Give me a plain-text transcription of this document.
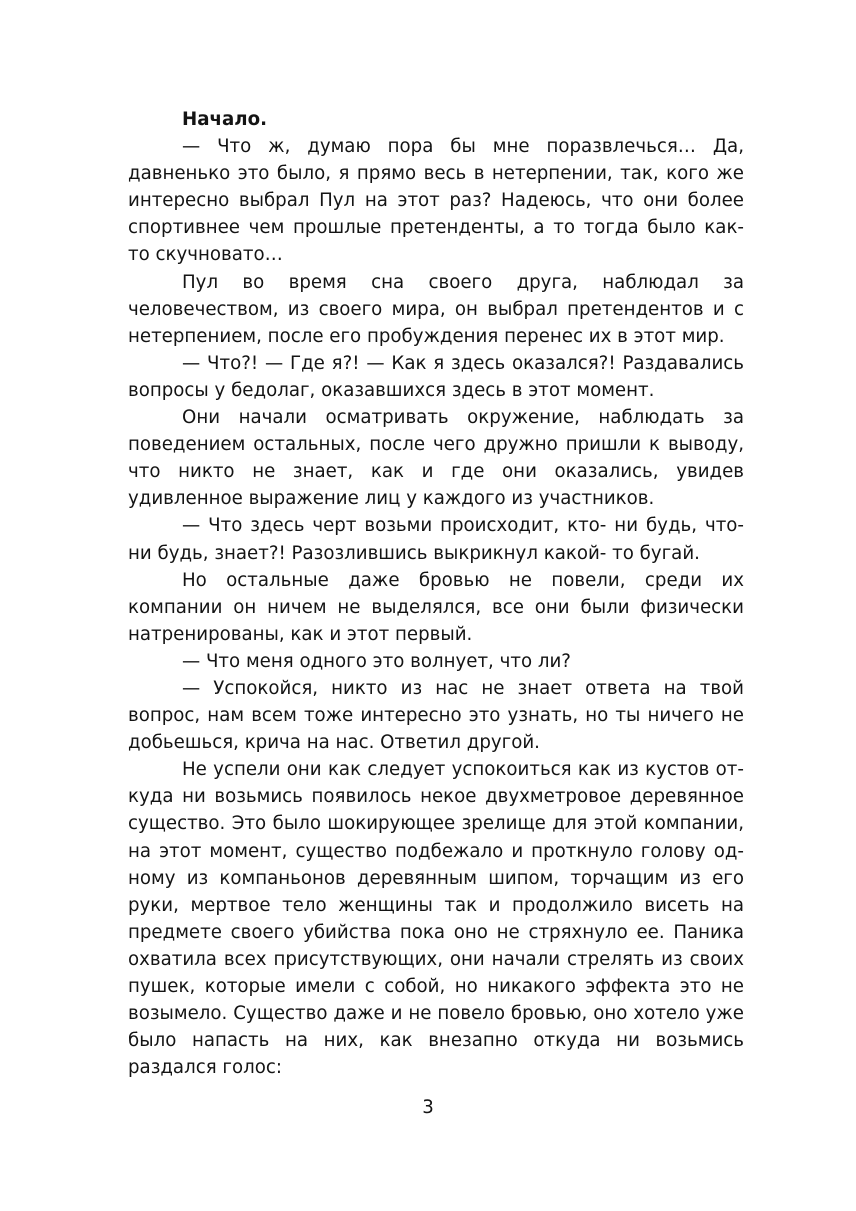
Начало.

— Что ж, думаю пора бы мне поразвлечься… Да, давненько это было, я прямо весь в нетерпении, так, кого же интересно выбрал Пул на этот раз? Надеюсь, что они более спортивнее чем прошлые претенденты, а то тогда было как- то скучновато…

Пул во время сна своего друга, наблюдал за человечеством, из своего мира, он выбрал претендентов и с нетерпением, после его пробуждения перенес их в этот мир.

— Что?! — Где я?! — Как я здесь оказался?! Раздавались вопросы у бедолаг, оказавшихся здесь в этот момент.

Они начали осматривать окружение, наблюдать за поведением остальных, после чего дружно пришли к выводу, что никто не знает, как и где они оказались, увидев удивленное выражение лиц у каждого из участников.

— Что здесь черт возьми происходит, кто- ни будь, что- ни будь, знает?! Разозлившись выкрикнул какой- то бугай.

Но остальные даже бровью не повели, среди их компании он ничем не выделялся, все они были физически натренированы, как и этот первый.

— Что меня одного это волнует, что ли?

— Успокойся, никто из нас не знает ответа на твой вопрос, нам всем тоже интересно это узнать, но ты ничего не добьешься, крича на нас. Ответил другой.

Не успели они как следует успокоиться как из кустов откуда ни возьмись появилось некое двухметровое деревянное существо. Это было шокирующее зрелище для этой компании, на этот момент, существо подбежало и проткнуло голову одному из компаньонов деревянным шипом, торчащим из его руки, мертвое тело женщины так и продолжило висеть на предмете своего убийства пока оно не стряхнуло ее. Паника охватила всех присутствующих, они начали стрелять из своих пушек, которые имели с собой, но никакого эффекта это не возымело. Существо даже и не повело бровью, оно хотело уже было напасть на них, как внезапно откуда ни возьмись раздался голос:

3
